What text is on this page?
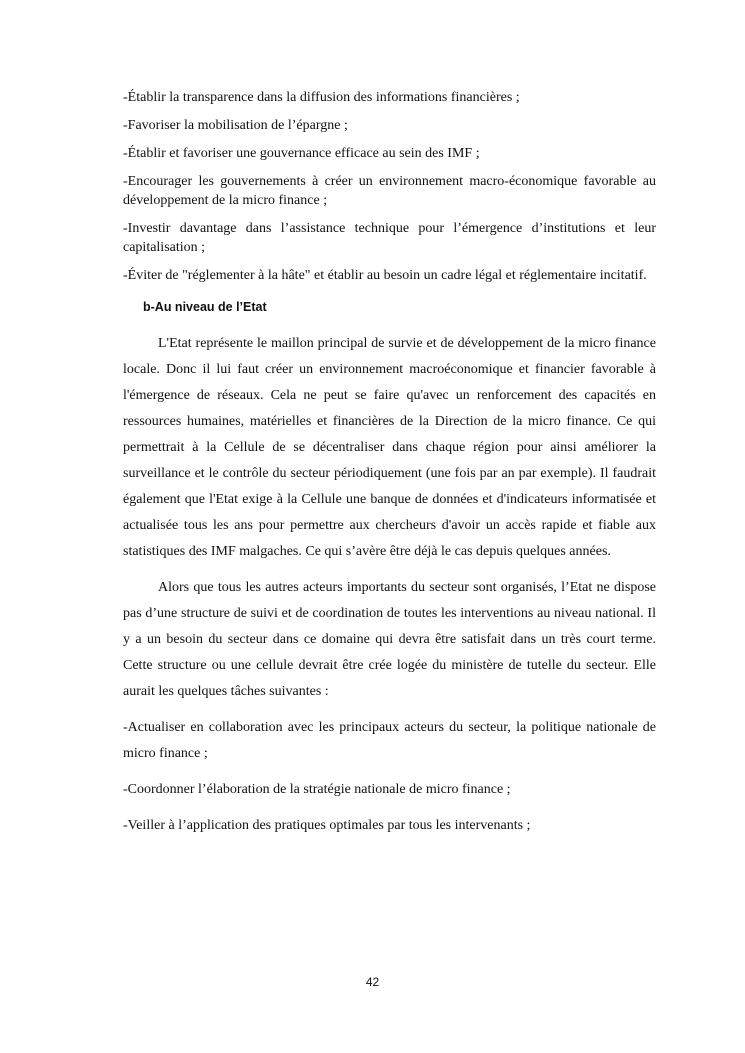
-Établir la transparence dans la diffusion des informations financières ;

-Favoriser la mobilisation de l’épargne ;

-Établir et favoriser une gouvernance efficace au sein des IMF ;

-Encourager les gouvernements à créer un environnement macro-économique favorable au développement de la micro finance ;

-Investir davantage dans l’assistance technique pour l’émergence d’institutions et leur capitalisation ;

-Éviter de "réglementer à la hâte" et établir au besoin un cadre légal et réglementaire incitatif.

b-Au niveau de l’Etat

L'Etat représente le maillon principal de survie et de développement de la micro finance locale. Donc il lui faut créer un environnement macroéconomique et financier favorable à l'émergence de réseaux. Cela ne peut se faire qu'avec un renforcement des capacités en ressources humaines, matérielles et financières de la Direction de la micro finance. Ce qui permettrait à la Cellule de se décentraliser dans chaque région pour ainsi améliorer la surveillance et le contrôle du secteur périodiquement (une fois par an par exemple). Il faudrait également que l'Etat exige à la Cellule une banque de données et d'indicateurs informatisée et actualisée tous les ans pour permettre aux chercheurs d'avoir un accès rapide et fiable aux statistiques des IMF malgaches. Ce qui s’avère être déjà le cas depuis quelques années.

Alors que tous les autres acteurs importants du secteur sont organisés, l’Etat ne dispose pas d’une structure de suivi et de coordination de toutes les interventions au niveau national. Il y a un besoin du secteur dans ce domaine qui devra être satisfait dans un très court terme. Cette structure ou une cellule devrait être crée logée du ministère de tutelle du secteur. Elle aurait les quelques tâches suivantes :

-Actualiser en collaboration avec les principaux acteurs du secteur, la politique nationale de micro finance ;

-Coordonner l’élaboration de la stratégie nationale de micro finance ;

-Veiller à l’application des pratiques optimales par tous les intervenants ;

42
